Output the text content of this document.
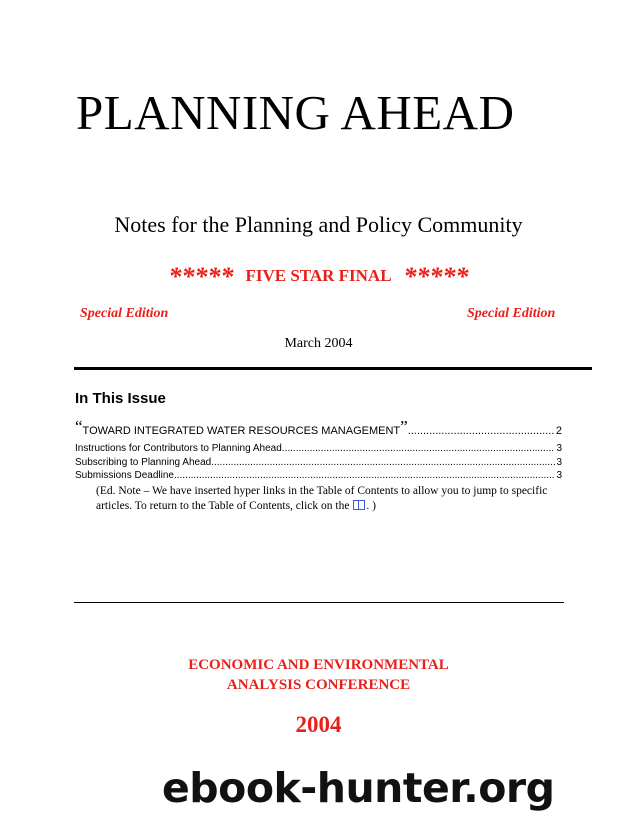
PLANNING AHEAD
Notes for the Planning and Policy Community
***** FIVE STAR FINAL *****
Special Edition	Special Edition
March 2004
In This Issue
“ TOWARD INTEGRATED WATER RESOURCES MANAGEMENT ” .....	2
Instructions for Contributors to Planning Ahead .....	3
Subscribing to Planning Ahead .....	3
Submissions Deadline .....	3
(Ed. Note – We have inserted hyper links in the Table of Contents to allow you to jump to specific articles. To return to the Table of Contents, click on the . )
ECONOMIC AND ENVIRONMENTAL
ANALYSIS CONFERENCE
2004
ebook-hunter.org
